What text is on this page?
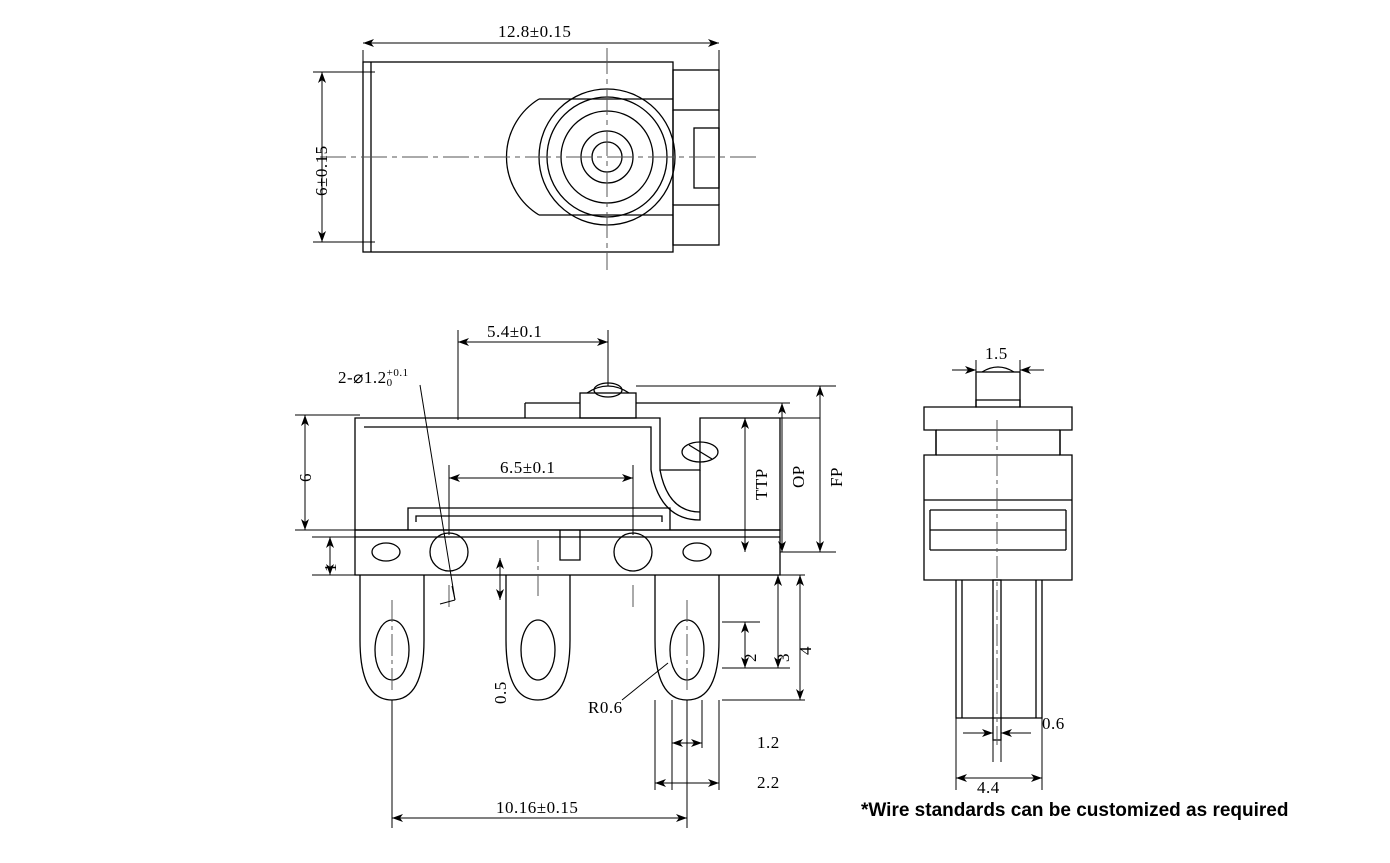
12.8±0.15
6±0.15
5.4±0.1
2-⌀1.2+0.1
0
6.5±0.1
6
1
0.5
R0.6
1.2
2.2
10.16±0.15
TTP OP FP
2 3
4
1.5
0.6
4.4
*Wire standards can be customized as required
